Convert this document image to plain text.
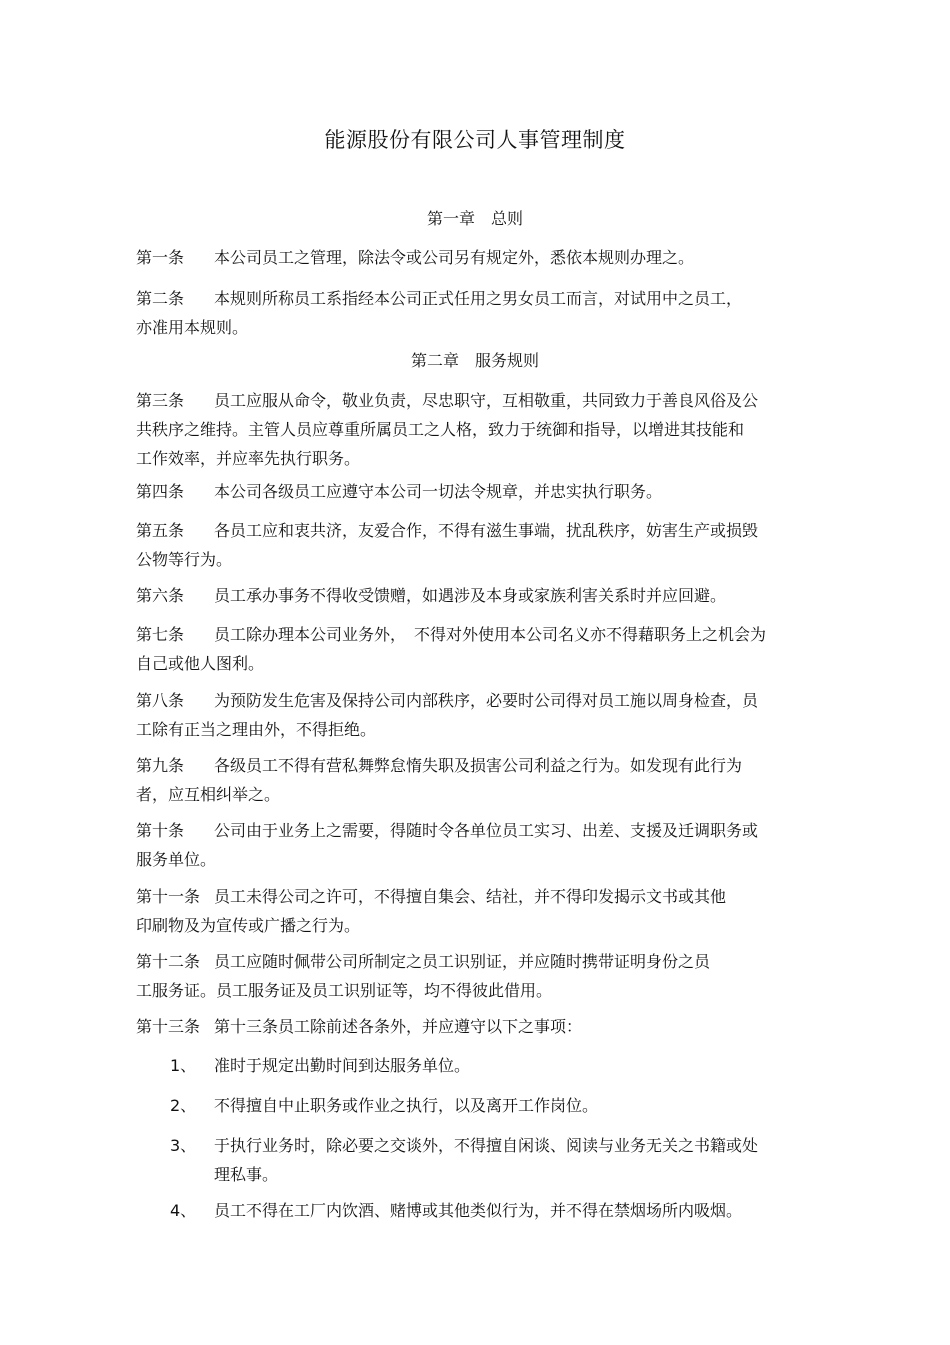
能源股份有限公司人事管理制度
第一章　总则
第一条 本公司员工之管理，除法令或公司另有规定外，悉依本规则办理之。
第二条 本规则所称员工系指经本公司正式任用之男女员工而言，对试用中之员工，
亦准用本规则。
第二章　服务规则
第三条 员工应服从命令，敬业负责，尽忠职守，互相敬重，共同致力于善良风俗及公
共秩序之维持。主管人员应尊重所属员工之人格，致力于统御和指导，以增进其技能和
工作效率，并应率先执行职务。
第四条 本公司各级员工应遵守本公司一切法令规章，并忠实执行职务。
第五条 各员工应和衷共济，友爱合作，不得有滋生事端，扰乱秩序，妨害生产或损毁
公物等行为。
第六条 员工承办事务不得收受馈赠，如遇涉及本身或家族利害关系时并应回避。
第七条 员工除办理本公司业务外，　不得对外使用本公司名义亦不得藉职务上之机会为
自己或他人图利。
第八条 为预防发生危害及保持公司内部秩序，必要时公司得对员工施以周身检查，员
工除有正当之理由外，不得拒绝。
第九条 各级员工不得有营私舞弊怠惰失职及损害公司利益之行为。如发现有此行为
者，应互相纠举之。
第十条 公司由于业务上之需要，得随时令各单位员工实习、出差、支援及迁调职务或
服务单位。
第十一条 员工未得公司之许可，不得擅自集会、结社，并不得印发揭示文书或其他
印刷物及为宣传或广播之行为。
第十二条 员工应随时佩带公司所制定之员工识别证，并应随时携带证明身份之员
工服务证。员工服务证及员工识别证等，均不得彼此借用。
第十三条 第十三条员工除前述各条外，并应遵守以下之事项：
1、 准时于规定出勤时间到达服务单位。
2、 不得擅自中止职务或作业之执行，以及离开工作岗位。
3、 于执行业务时，除必要之交谈外，不得擅自闲谈、阅读与业务无关之书籍或处
理私事。
4、 员工不得在工厂内饮酒、赌博或其他类似行为，并不得在禁烟场所内吸烟。
